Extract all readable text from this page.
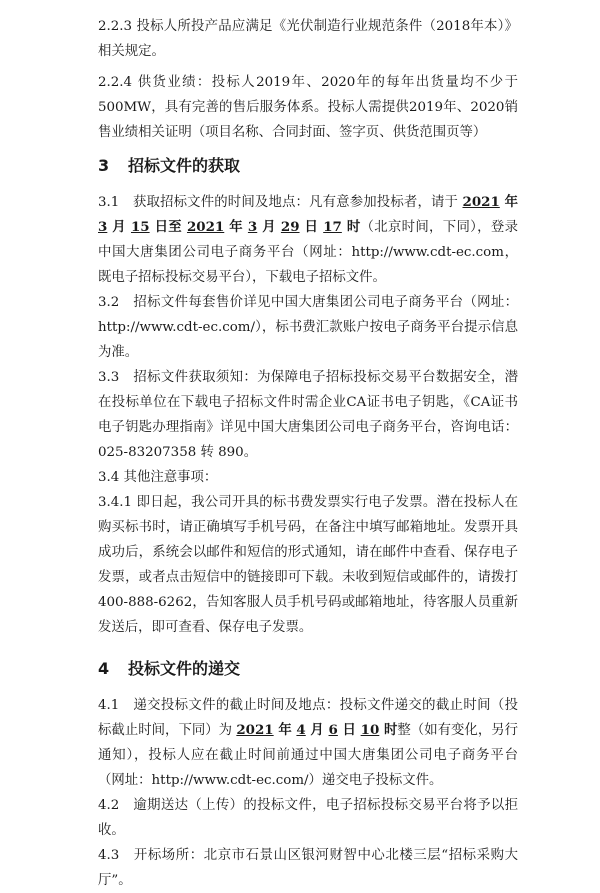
2.2.3 投标人所投产品应满足《光伏制造行业规范条件（2018年本）》相关规定。

2.2.4 供货业绩：投标人2019年、2020年的每年出货量均不少于500MW，具有完善的售后服务体系。投标人需提供2019年、2020销售业绩相关证明（项目名称、合同封面、签字页、供货范围页等）

3 招标文件的获取

3.1　获取招标文件的时间及地点：凡有意参加投标者，请于 2021 年 3 月 15 日至 2021 年 3 月 29 日 17 时（北京时间，下同），登录中国大唐集团公司电子商务平台（网址：http://www.cdt-ec.com，既电子招标投标交易平台），下载电子招标文件。

3.2　招标文件每套售价详见中国大唐集团公司电子商务平台（网址：http://www.cdt-ec.com/），标书费汇款账户按电子商务平台提示信息为准。

3.3　招标文件获取须知：为保障电子招标投标交易平台数据安全，潜在投标单位在下载电子招标文件时需企业CA证书电子钥匙，《CA证书电子钥匙办理指南》详见中国大唐集团公司电子商务平台，咨询电话：025-83207358 转 890。

3.4 其他注意事项：

3.4.1 即日起，我公司开具的标书费发票实行电子发票。潜在投标人在购买标书时，请正确填写手机号码，在备注中填写邮箱地址。发票开具成功后，系统会以邮件和短信的形式通知，请在邮件中查看、保存电子发票，或者点击短信中的链接即可下载。未收到短信或邮件的，请拨打 400-888-6262，告知客服人员手机号码或邮箱地址，待客服人员重新发送后，即可查看、保存电子发票。

4 投标文件的递交

4.1　递交投标文件的截止时间及地点：投标文件递交的截止时间（投标截止时间，下同）为 2021 年 4 月 6 日 10 时整（如有变化，另行通知），投标人应在截止时间前通过中国大唐集团公司电子商务平台（网址：http://www.cdt-ec.com/）递交电子投标文件。

4.2　逾期送达（上传）的投标文件，电子招标投标交易平台将予以拒收。

4.3　开标场所：北京市石景山区银河财智中心北楼三层“招标采购大厅”。
